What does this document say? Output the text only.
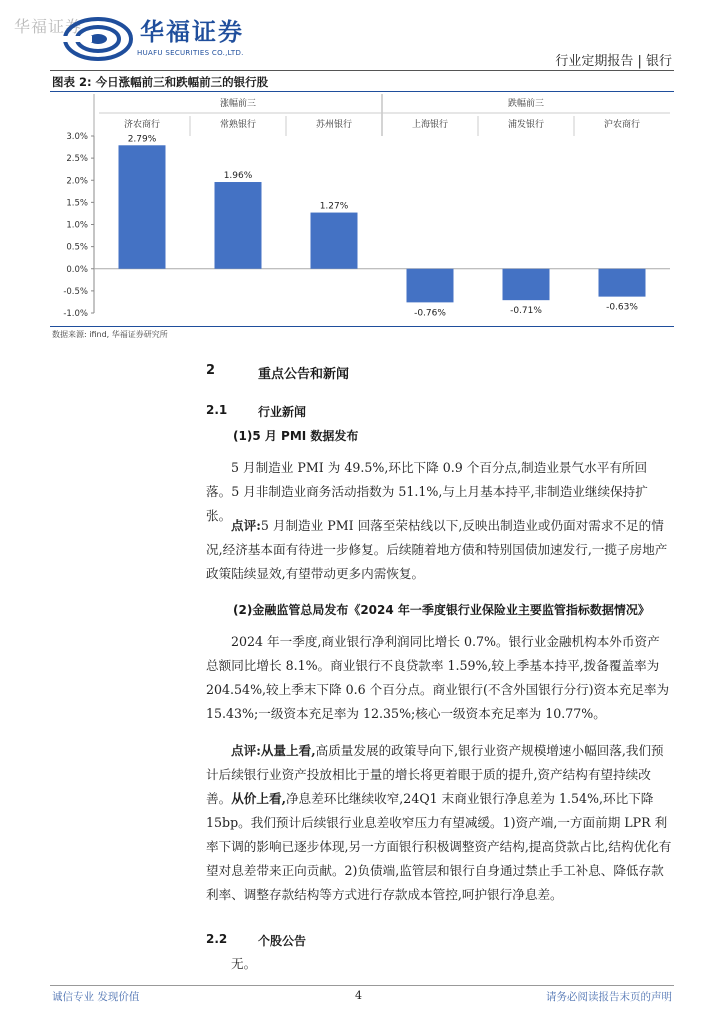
华福证券 华福证券
HUAFU SECURITIES CO.,LTD.
行业定期报告 | 银行
图表 2: 今日涨幅前三和跌幅前三的银行股
涨幅前三	跌幅前三
济农商行	常熟银行	苏州银行	上海银行	浦发银行	沪农商行
3.0%
2.5%
2.0%
1.5%
1.0%
0.5%
0.0%
-0.5%
-1.0%
2.79%
1.96%
1.27%
-0.76%	-0.71%	-0.63%
数据来源: ifind, 华福证券研究所
2	重点公告和新闻
2.1	行业新闻
(1)5 月 PMI 数据发布
5 月制造业 PMI 为 49.5%,环比下降 0.9 个百分点,制造业景气水平有所回落。5 月非制造业商务活动指数为 51.1%,与上月基本持平,非制造业继续保持扩张。
点评:5 月制造业 PMI 回落至荣枯线以下,反映出制造业或仍面对需求不足的情况,经济基本面有待进一步修复。后续随着地方债和特别国债加速发行,一揽子房地产政策陆续显效,有望带动更多内需恢复。
(2)金融监管总局发布《2024 年一季度银行业保险业主要监管指标数据情况》
2024 年一季度,商业银行净利润同比增长 0.7%。银行业金融机构本外币资产总额同比增长 8.1%。商业银行不良贷款率 1.59%,较上季基本持平,拨备覆盖率为 204.54%,较上季末下降 0.6 个百分点。商业银行(不含外国银行分行)资本充足率为 15.43%;一级资本充足率为 12.35%;核心一级资本充足率为 10.77%。
点评:从量上看,高质量发展的政策导向下,银行业资产规模增速小幅回落,我们预计后续银行业资产投放相比于量的增长将更着眼于质的提升,资产结构有望持续改善。从价上看,净息差环比继续收窄,24Q1 末商业银行净息差为 1.54%,环比下降 15bp。我们预计后续银行业息差收窄压力有望减缓。1)资产端,一方面前期 LPR 利率下调的影响已逐步体现,另一方面银行积极调整资产结构,提高贷款占比,结构优化有望对息差带来正向贡献。2)负债端,监管层和银行自身通过禁止手工补息、降低存款利率、调整存款结构等方式进行存款成本管控,呵护银行净息差。
2.2	个股公告
无。
诚信专业 发现价值	4	请务必阅读报告末页的声明
